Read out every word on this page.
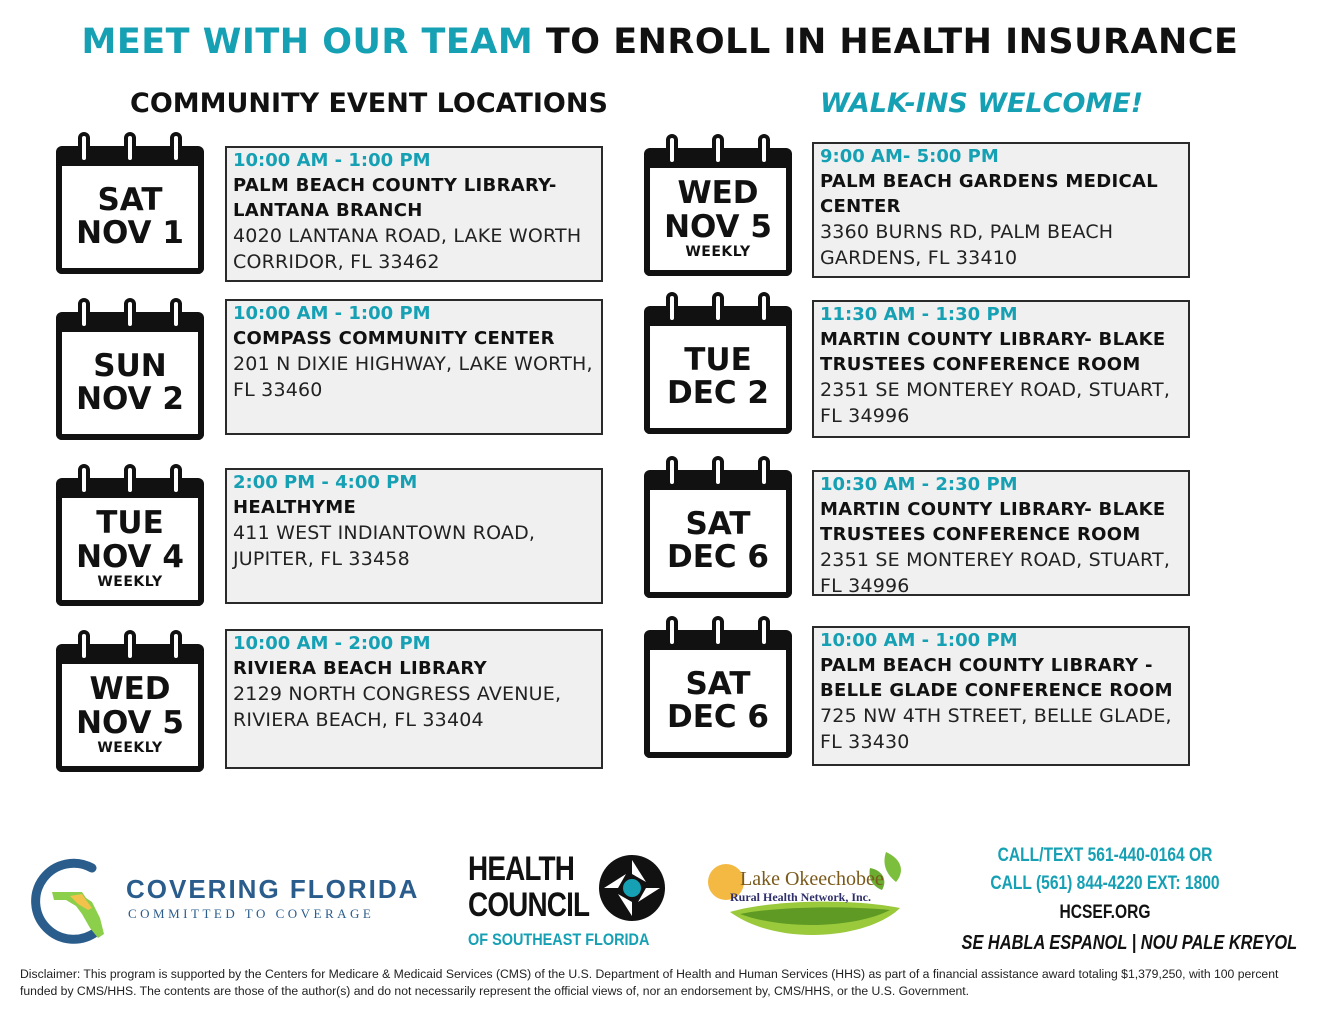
MEET WITH OUR TEAM TO ENROLL IN HEALTH INSURANCE
COMMUNITY EVENT LOCATIONS	WALK-INS WELCOME!
SAT
NOV 1
10:00 AM - 1:00 PM
PALM BEACH COUNTY LIBRARY- LANTANA BRANCH
4020 LANTANA ROAD, LAKE WORTH CORRIDOR, FL 33462
SUN
NOV 2
10:00 AM - 1:00 PM
COMPASS COMMUNITY CENTER
201 N DIXIE HIGHWAY, LAKE WORTH, FL 33460
TUE
NOV 4
WEEKLY
2:00 PM - 4:00 PM
HEALTHYME
411 WEST INDIANTOWN ROAD, JUPITER, FL 33458
WED
NOV 5
WEEKLY
10:00 AM - 2:00 PM
RIVIERA BEACH LIBRARY
2129 NORTH CONGRESS AVENUE, RIVIERA BEACH, FL 33404
WED
NOV 5
WEEKLY
9:00 AM- 5:00 PM
PALM BEACH GARDENS MEDICAL CENTER
3360 BURNS RD, PALM BEACH GARDENS, FL 33410
TUE
DEC 2
11:30 AM - 1:30 PM
MARTIN COUNTY LIBRARY- BLAKE TRUSTEES CONFERENCE ROOM
2351 SE MONTEREY ROAD, STUART, FL 34996
SAT
DEC 6
10:30 AM - 2:30 PM
MARTIN COUNTY LIBRARY- BLAKE TRUSTEES CONFERENCE ROOM
2351 SE MONTEREY ROAD, STUART, FL 34996
SAT
DEC 6
10:00 AM - 1:00 PM
PALM BEACH COUNTY LIBRARY - BELLE GLADE CONFERENCE ROOM
725 NW 4TH STREET, BELLE GLADE, FL 33430
COVERING FLORIDA
COMMITTED TO COVERAGE
HEALTH
COUNCIL
OF SOUTHEAST FLORIDA
Lake Okeechobee
Rural Health Network, Inc.
CALL/TEXT 561-440-0164 OR
CALL (561) 844-4220 EXT: 1800
HCSEF.ORG
SE HABLA ESPANOL | NOU PALE KREYOL
Disclaimer: This program is supported by the Centers for Medicare & Medicaid Services (CMS) of the U.S. Department of Health and Human Services (HHS) as part of a financial assistance award totaling $1,379,250, with 100 percent funded by CMS/HHS. The contents are those of the author(s) and do not necessarily represent the official views of, nor an endorsement by, CMS/HHS, or the U.S. Government.
